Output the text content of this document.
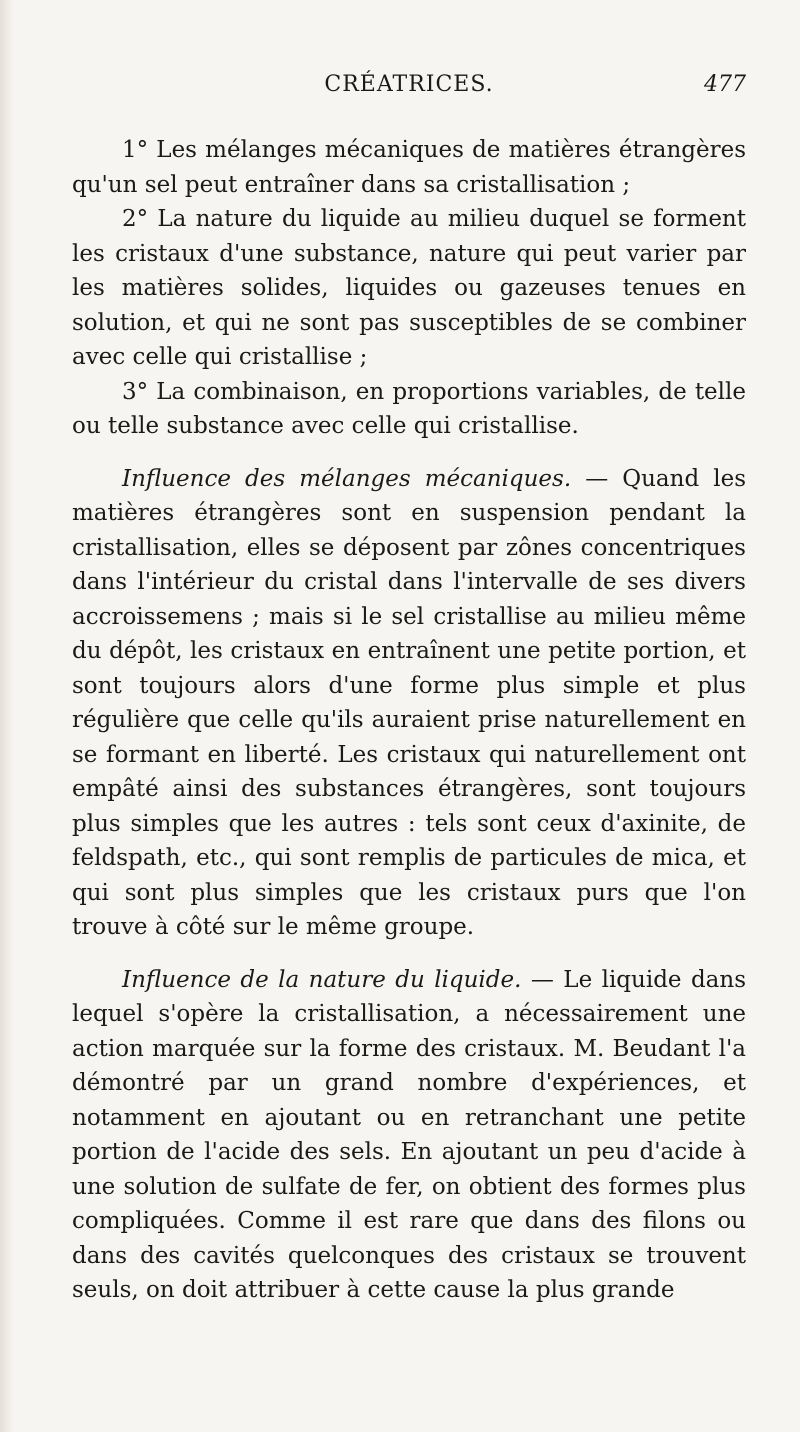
CRÉATRICES.	477

1° Les mélanges mécaniques de matières étrangères qu'un sel peut entraîner dans sa cristallisation ;

2° La nature du liquide au milieu duquel se forment les cristaux d'une substance, nature qui peut varier par les matières solides, liquides ou gazeuses tenues en solution, et qui ne sont pas susceptibles de se combiner avec celle qui cristallise ;

3° La combinaison, en proportions variables, de telle ou telle substance avec celle qui cristallise.

Influence des mélanges mécaniques. — Quand les matières étrangères sont en suspension pendant la cristallisation, elles se déposent par zônes concentriques dans l'intérieur du cristal dans l'intervalle de ses divers accroissemens ; mais si le sel cristallise au milieu même du dépôt, les cristaux en entraînent une petite portion, et sont toujours alors d'une forme plus simple et plus régulière que celle qu'ils auraient prise naturellement en se formant en liberté. Les cristaux qui naturellement ont empâté ainsi des substances étrangères, sont toujours plus simples que les autres : tels sont ceux d'axinite, de feldspath, etc., qui sont remplis de particules de mica, et qui sont plus simples que les cristaux purs que l'on trouve à côté sur le même groupe.

Influence de la nature du liquide. — Le liquide dans lequel s'opère la cristallisation, a nécessairement une action marquée sur la forme des cristaux. M. Beudant l'a démontré par un grand nombre d'expériences, et notamment en ajoutant ou en retranchant une petite portion de l'acide des sels. En ajoutant un peu d'acide à une solution de sulfate de fer, on obtient des formes plus compliquées. Comme il est rare que dans des filons ou dans des cavités quelconques des cristaux se trouvent seuls, on doit attribuer à cette cause la plus grande
